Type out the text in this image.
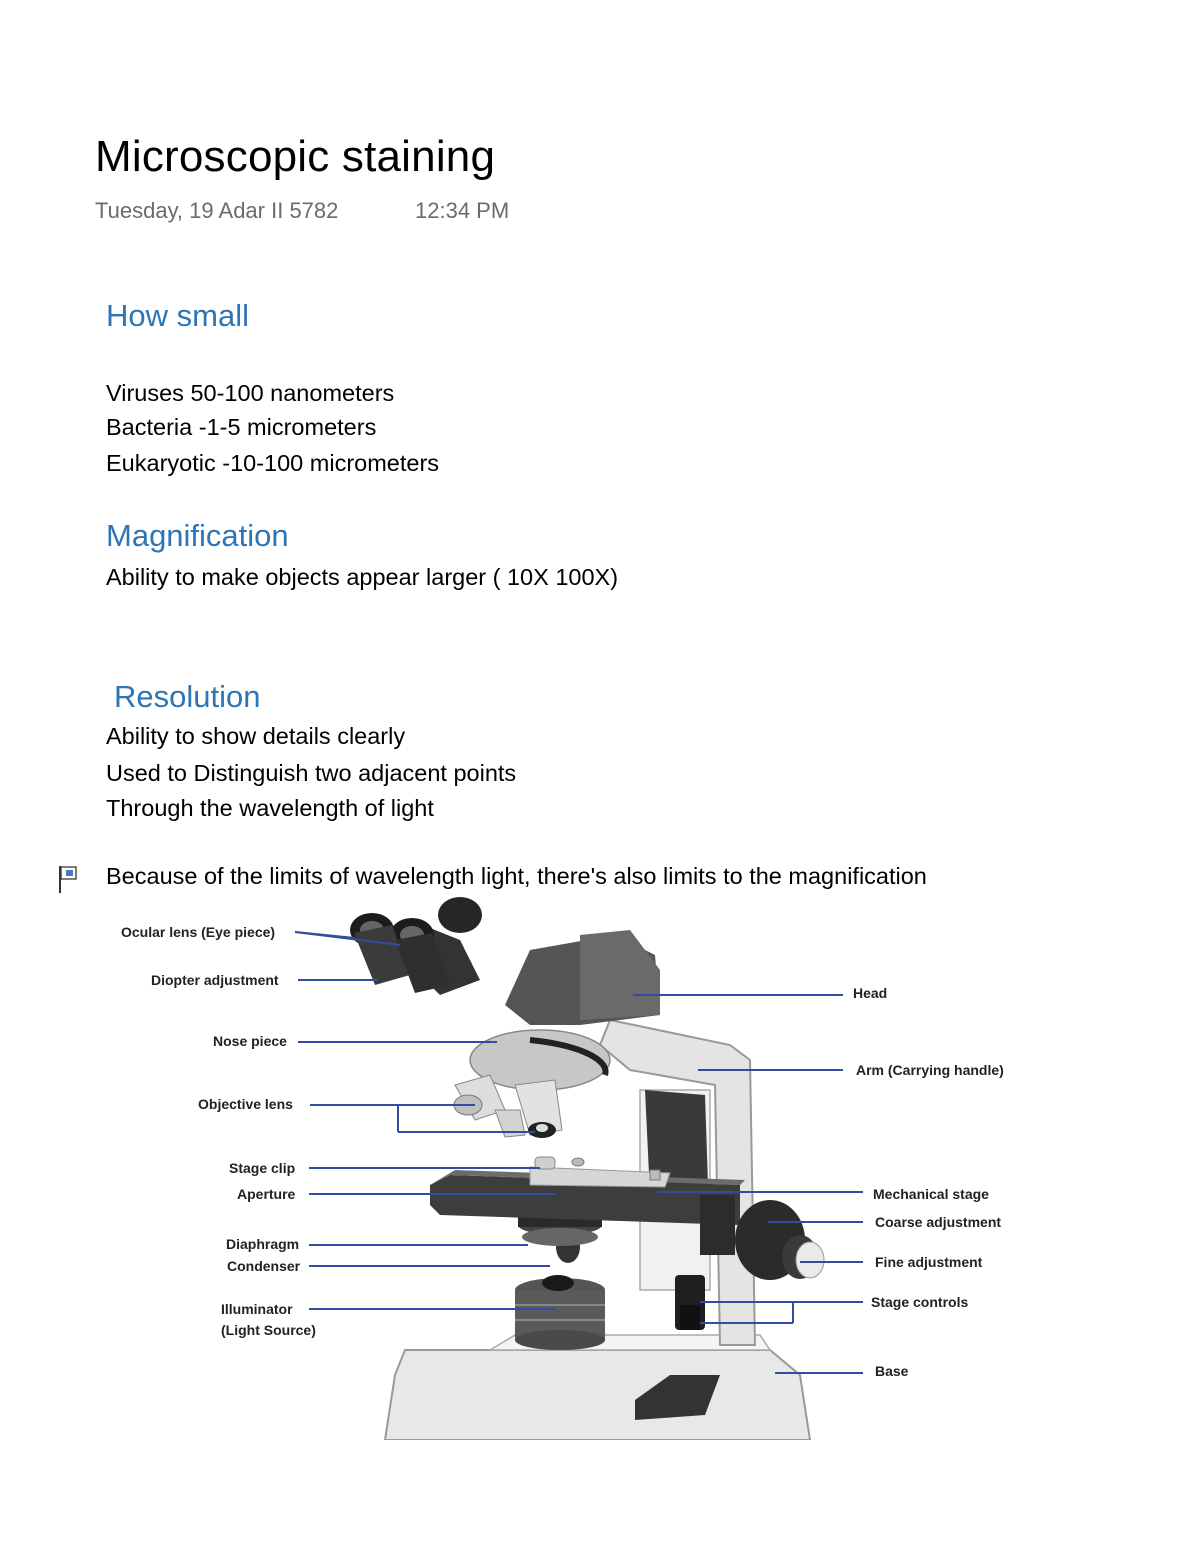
Microscopic staining
Tuesday, 19 Adar II 5782	12:34 PM
How small
Viruses 50-100 nanometers
Bacteria -1-5 micrometers
Eukaryotic -10-100 micrometers
Magnification
Ability to make objects appear larger ( 10X 100X)
Resolution
Ability to show details clearly
Used to Distinguish two adjacent points
Through the wavelength of light
Because of the limits of wavelength light, there's also limits to the magnification
Ocular lens (Eye piece)
Diopter adjustment
Nose piece
Objective lens
Stage clip
Aperture
Diaphragm
Condenser
Illuminator
(Light Source)
Head
Arm (Carrying handle)
Mechanical stage
Coarse adjustment
Fine adjustment
Stage controls
Base
